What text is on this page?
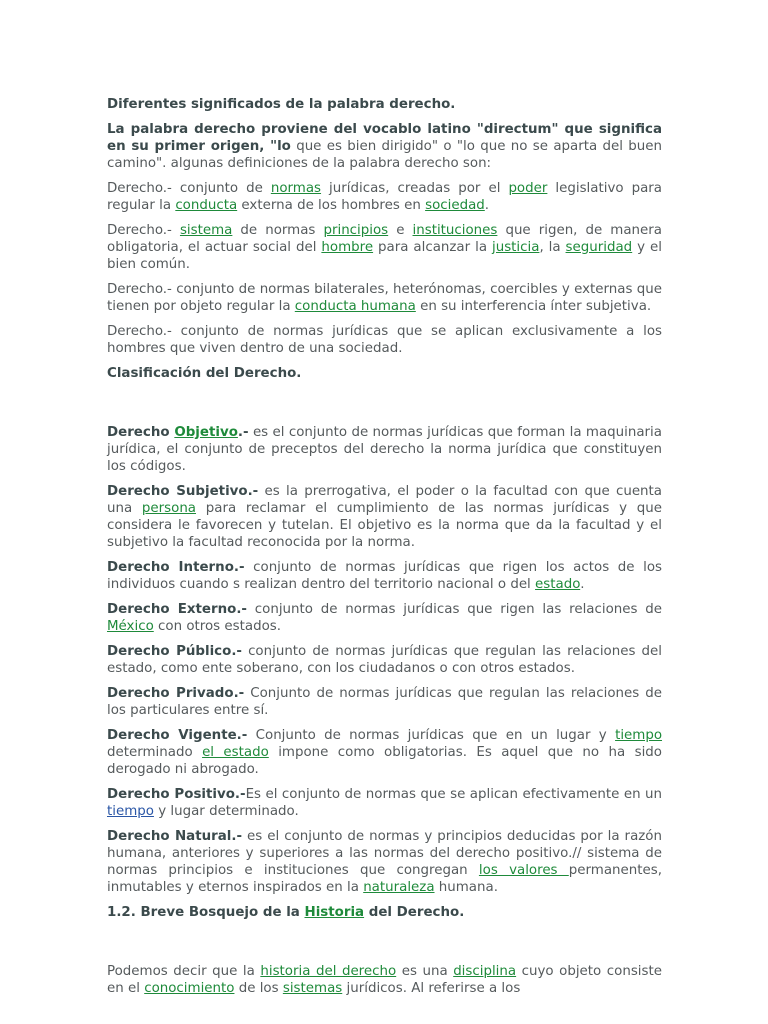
Diferentes significados de la palabra derecho.

La palabra derecho proviene del vocablo latino "directum" que significa en su primer origen, "lo que es bien dirigido" o "lo que no se aparta del buen camino". algunas definiciones de la palabra derecho son:

Derecho.- conjunto de normas jurídicas, creadas por el poder legislativo para regular la conducta externa de los hombres en sociedad.

Derecho.- sistema de normas principios e instituciones que rigen, de manera obligatoria, el actuar social del hombre para alcanzar la justicia, la seguridad y el bien común.

Derecho.- conjunto de normas bilaterales, heterónomas, coercibles y externas que tienen por objeto regular la conducta humana en su interferencia ínter subjetiva.

Derecho.- conjunto de normas jurídicas que se aplican exclusivamente a los hombres que viven dentro de una sociedad.

Clasificación del Derecho.

Derecho Objetivo.- es el conjunto de normas jurídicas que forman la maquinaria jurídica, el conjunto de preceptos del derecho la norma jurídica que constituyen los códigos.

Derecho Subjetivo.- es la prerrogativa, el poder o la facultad con que cuenta una persona para reclamar el cumplimiento de las normas jurídicas y que considera le favorecen y tutelan. El objetivo es la norma que da la facultad y el subjetivo la facultad reconocida por la norma.

Derecho Interno.- conjunto de normas jurídicas que rigen los actos de los individuos cuando s realizan dentro del territorio nacional o del estado.

Derecho Externo.- conjunto de normas jurídicas que rigen las relaciones de México con otros estados.

Derecho Público.- conjunto de normas jurídicas que regulan las relaciones del estado, como ente soberano, con los ciudadanos o con otros estados.

Derecho Privado.- Conjunto de normas jurídicas que regulan las relaciones de los particulares entre sí.

Derecho Vigente.- Conjunto de normas jurídicas que en un lugar y tiempo determinado el estado impone como obligatorias. Es aquel que no ha sido derogado ni abrogado.

Derecho Positivo.-Es el conjunto de normas que se aplican efectivamente en un tiempo y lugar determinado.

Derecho Natural.- es el conjunto de normas y principios deducidas por la razón humana, anteriores y superiores a las normas del derecho positivo.// sistema de normas principios e instituciones que congregan los valores permanentes, inmutables y eternos inspirados en la naturaleza humana.

1.2. Breve Bosquejo de la Historia del Derecho.

Podemos decir que la historia del derecho es una disciplina cuyo objeto consiste en el conocimiento de los sistemas jurídicos. Al referirse a los
